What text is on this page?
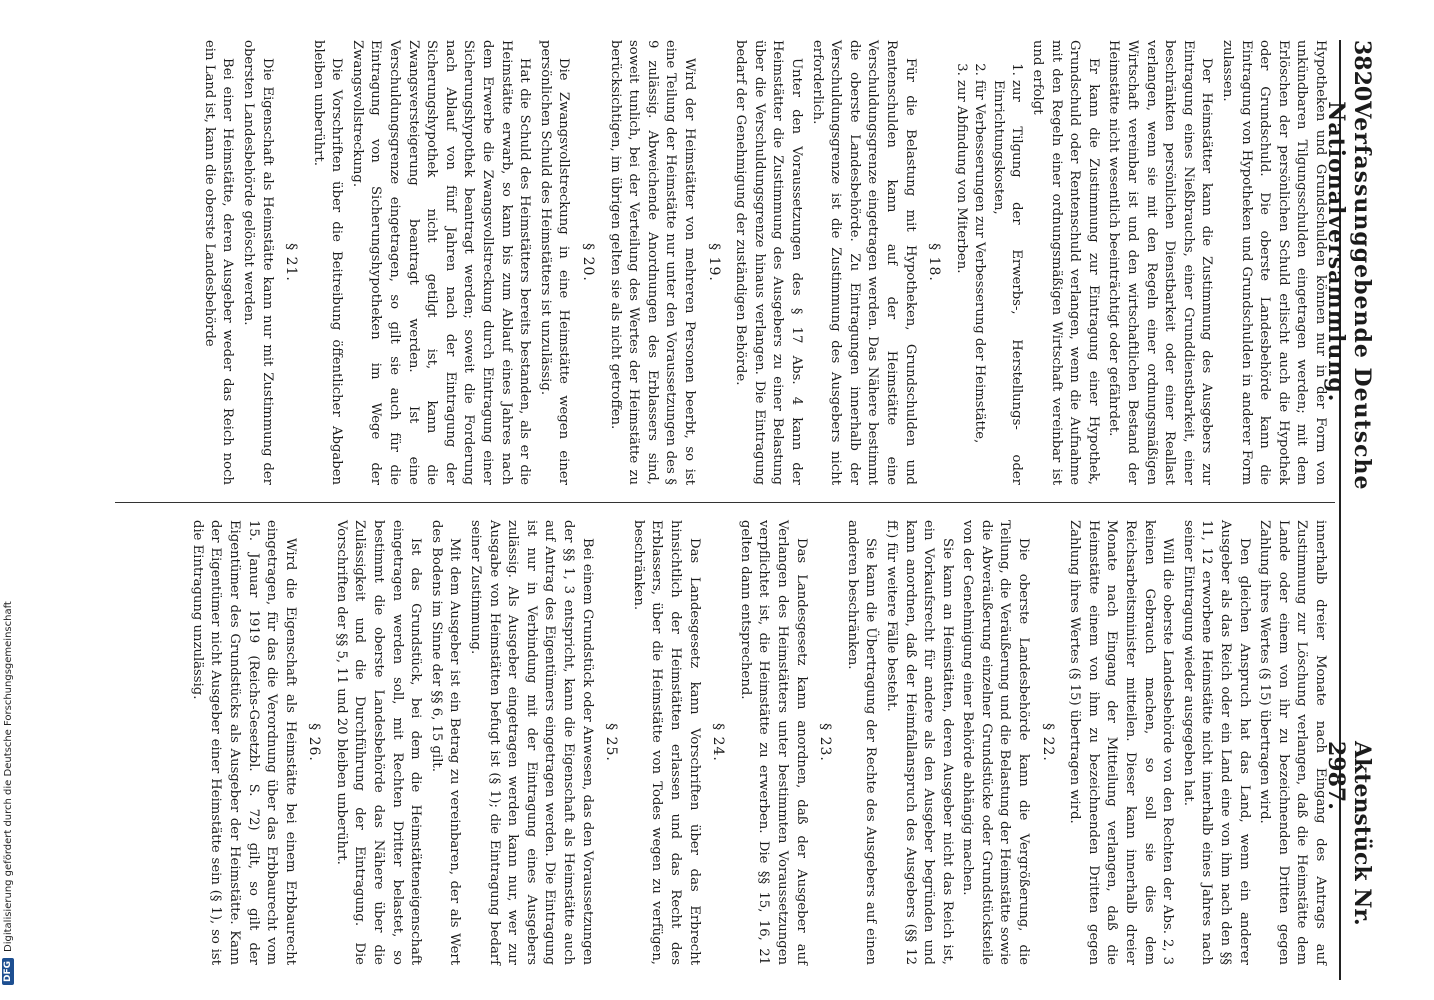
3820
Verfassunggebende Deutsche Nationalversammlung.
Aktenstück Nr. 2987.

Hypotheken und Grundschulden können nur in der Form von unkündbaren Tilgungsschulden eingetragen werden; mit dem Erlöschen der persönlichen Schuld erlischt auch die Hypothek oder Grundschuld. Die oberste Landesbehörde kann die Eintragung von Hypotheken und Grundschulden in anderer Form zulassen.

Der Heimstätter kann die Zustimmung des Ausgebers zur Eintragung eines Nießbrauchs, einer Grunddienstbarkeit, einer beschränkten persönlichen Dienstbarkeit oder einer Reallast verlangen, wenn sie mit den Regeln einer ordnungsmäßigen Wirtschaft vereinbar ist und den wirtschaftlichen Bestand der Heimstätte nicht wesentlich beeinträchtigt oder gefährdet.

Er kann die Zustimmung zur Eintragung einer Hypothek, Grundschuld oder Rentenschuld verlangen, wenn die Aufnahme mit den Regeln einer ordnungsmäßigen Wirtschaft vereinbar ist und erfolgt

1. zur Tilgung der Erwerbs-, Herstellungs- oder Einrichtungskosten,
2. für Verbesserungen zur Verbesserung der Heimstätte,
3. zur Abfindung von Miterben.
§ 18.

Für die Belastung mit Hypotheken, Grundschulden und Rentenschulden kann auf der Heimstätte eine Verschuldungsgrenze eingetragen werden. Das Nähere bestimmt die oberste Landesbehörde. Zu Eintragungen innerhalb der Verschuldungsgrenze ist die Zustimmung des Ausgebers nicht erforderlich.

Unter den Voraussetzungen des § 17 Abs. 4 kann der Heimstätter die Zustimmung des Ausgebers zu einer Belastung über die Verschuldungsgrenze hinaus verlangen. Die Eintragung bedarf der Genehmigung der zuständigen Behörde.

§ 19.

Wird der Heimstätter von mehreren Personen beerbt, so ist eine Teilung der Heimstätte nur unter den Voraussetzungen des § 9 zulässig. Abweichende Anordnungen des Erblassers sind, soweit tunlich, bei der Verteilung des Wertes der Heimstätte zu berücksichtigen, im übrigen gelten sie als nicht getroffen.

§ 20.

Die Zwangsvollstreckung in eine Heimstätte wegen einer persönlichen Schuld des Heimstätters ist unzulässig.

Hat die Schuld des Heimstätters bereits bestanden, als er die Heimstätte erwarb, so kann bis zum Ablauf eines Jahres nach dem Erwerbe die Zwangsvollstreckung durch Eintragung einer Sicherungshypothek beantragt werden; soweit die Forderung nach Ablauf von fünf Jahren nach der Eintragung der Sicherungshypothek nicht getilgt ist, kann die Zwangsversteigerung beantragt werden. Ist eine Verschuldungsgrenze eingetragen, so gilt sie auch für die Eintragung von Sicherungshypotheken im Wege der Zwangsvollstreckung.

Die Vorschriften über die Beitreibung öffentlicher Abgaben bleiben unberührt.

§ 21.

Die Eigenschaft als Heimstätte kann nur mit Zustimmung der obersten Landesbehörde gelöscht werden.

Bei einer Heimstätte, deren Ausgeber weder das Reich noch ein Land ist, kann die oberste Landesbehörde

innerhalb dreier Monate nach Eingang des Antrags auf Zustimmung zur Löschung verlangen, daß die Heimstätte dem Lande oder einem von ihr zu bezeichnenden Dritten gegen Zahlung ihres Wertes (§ 15) übertragen wird.

Den gleichen Anspruch hat das Land, wenn ein anderer Ausgeber als das Reich oder ein Land eine von ihm nach den §§ 11, 12 erworbene Heimstätte nicht innerhalb eines Jahres nach seiner Eintragung wieder ausgegeben hat.

Will die oberste Landesbehörde von den Rechten der Abs. 2, 3 keinen Gebrauch machen, so soll sie dies dem Reichsarbeitsminister mitteilen. Dieser kann innerhalb dreier Monate nach Eingang der Mitteilung verlangen, daß die Heimstätte einem von ihm zu bezeichnenden Dritten gegen Zahlung ihres Wertes (§ 15) übertragen wird.

§ 22.

Die oberste Landesbehörde kann die Vergrößerung, die Teilung, die Veräußerung und die Belastung der Heimstätte sowie die Abveräußerung einzelner Grundstücke oder Grundstücksteile von der Genehmigung einer Behörde abhängig machen.

Sie kann an Heimstätten, deren Ausgeber nicht das Reich ist, ein Vorkaufsrecht für andere als den Ausgeber begründen und kann anordnen, daß der Heimfallanspruch des Ausgebers (§§ 12 ff.) für weitere Fälle besteht.

Sie kann die Übertragung der Rechte des Ausgebers auf einen anderen beschränken.

§ 23.

Das Landesgesetz kann anordnen, daß der Ausgeber auf Verlangen des Heimstätters unter bestimmten Voraussetzungen verpflichtet ist, die Heimstätte zu erwerben. Die §§ 15, 16, 21 gelten dann entsprechend.

§ 24.

Das Landesgesetz kann Vorschriften über das Erbrecht hinsichtlich der Heimstätten erlassen und das Recht des Erblassers, über die Heimstätte von Todes wegen zu verfügen, beschränken.

§ 25.

Bei einem Grundstück oder Anwesen, das den Voraussetzungen der §§ 1, 3 entspricht, kann die Eigenschaft als Heimstätte auch auf Antrag des Eigentümers eingetragen werden. Die Eintragung ist nur in Verbindung mit der Eintragung eines Ausgebers zulässig. Als Ausgeber eingetragen werden kann nur, wer zur Ausgabe von Heimstätten befugt ist (§ 1); die Eintragung bedarf seiner Zustimmung.

Mit dem Ausgeber ist ein Betrag zu vereinbaren, der als Wert des Bodens im Sinne der §§ 6, 15 gilt.

Ist das Grundstück, bei dem die Heimstätteneigenschaft eingetragen werden soll, mit Rechten Dritter belastet, so bestimmt die oberste Landesbehörde das Nähere über die Zulässigkeit und die Durchführung der Eintragung. Die Vorschriften der §§ 5, 11 und 20 bleiben unberührt.

§ 26.

Wird die Eigenschaft als Heimstätte bei einem Erbbaurecht eingetragen, für das die Verordnung über das Erbbaurecht vom 15. Januar 1919 (Reichs-Gesetzbl. S. 72) gilt, so gilt der Eigentümer des Grundstücks als Ausgeber der Heimstätte. Kann der Eigentümer nicht Ausgeber einer Heimstätte sein (§ 1), so ist die Eintragung unzulässig.

DFG
Digitalisierung gefördert durch die Deutsche Forschungsgemeinschaft
